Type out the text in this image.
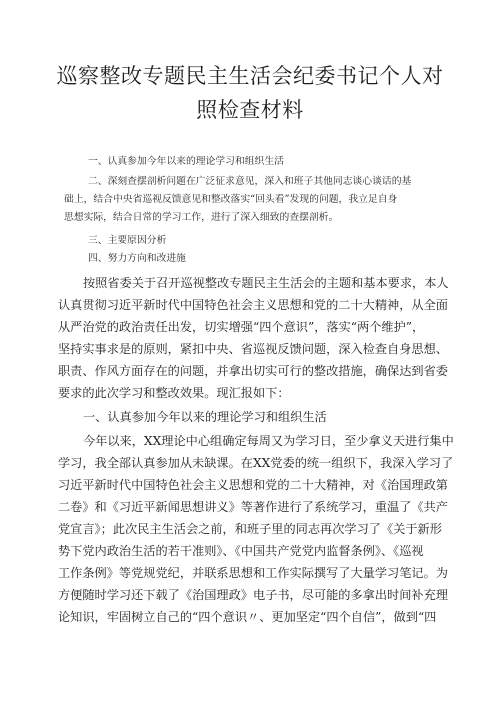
巡察整改专题民主生活会纪委书记个人对
照检查材料
一、认真参加今年以来的理论学习和组织生活
二、深刻查摆剖析问题在广泛征求意见，深入和班子其他同志谈心谈话的基
础上，结合中央省巡视反馈意见和整改落实“回头看”发现的问题，我立足自身
思想实际，结合日常的学习工作，进行了深入细致的查摆剖析。
三、主要原因分析
四、努力方向和改进施
按照省委关于召开巡视整改专题民主生活会的主题和基本要求，本人
认真贯彻习近平新时代中国特色社会主义思想和党的二十大精神，从全面
从严治党的政治责任出发，切实增强“四个意识”，落实“两个维护”，
坚持实事求是的原则，紧扣中央、省巡视反馈问题，深入检查自身思想、
职责、作风方面存在的问题，并拿出切实可行的整改措施，确保达到省委
要求的此次学习和整改效果。现汇报如下：
一、认真参加今年以来的理论学习和组织生活
今年以来，XX理论中心组确定每周又为学习日，至少拿义天进行集中
学习，我全部认真参加从未缺课。在XX党委的统一组织下，我深入学习了
习近平新时代中国特色社会主义思想和党的二十大精神，对《治国理政第
二卷》和《习近平新闻思想讲义》等著作进行了系统学习，重温了《共产
党宣言》；此次民主生活会之前，和班子里的同志再次学习了《关于新形
势下党内政治生活的若干准则》、《中国共产党党内监督条例》、《巡视
工作条例》等党规党纪，并联系思想和工作实际撰写了大量学习笔记。为
方便随时学习还下载了《治国理政》电子书，尽可能的多拿出时间补充理
论知识，牢固树立自己的“四个意识〃、更加坚定“四个自信”，做到“四
